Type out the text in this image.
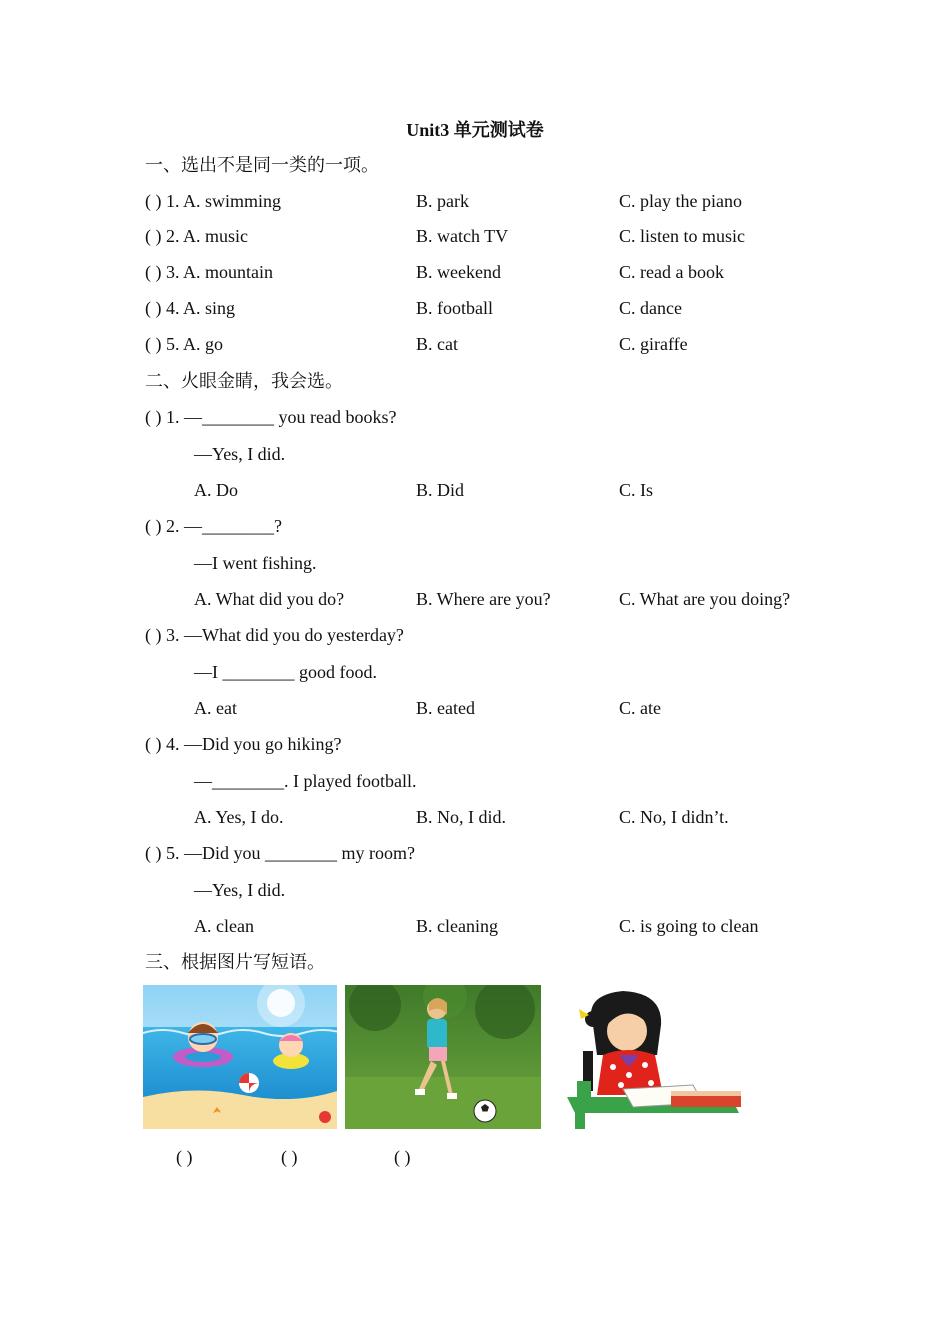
Unit3 单元测试卷
一、选出不是同一类的一项。
( ) 1. A. swimming	B. park	C. play the piano
( ) 2. A. music	B. watch TV	C. listen to music
( ) 3. A. mountain	B. weekend	C. read a book
( ) 4. A. sing	B. football	C. dance
( ) 5. A. go	B. cat	C. giraffe
二、火眼金睛，我会选。
( ) 1. —________ you read books?
—Yes, I did.
A. Do	B. Did	C. Is
( ) 2. —________?
—I went fishing.
A. What did you do?	B. Where are you?	C. What are you doing?
( ) 3. —What did you do yesterday?
—I ________ good food.
A. eat	B. eated	C. ate
( ) 4. —Did you go hiking?
—________. I played football.
A. Yes, I do.	B. No, I did.	C. No, I didn’t.
( ) 5. —Did you ________ my room?
—Yes, I did.
A. clean	B. cleaning	C. is going to clean
三、根据图片写短语。
( )	( )	( )
